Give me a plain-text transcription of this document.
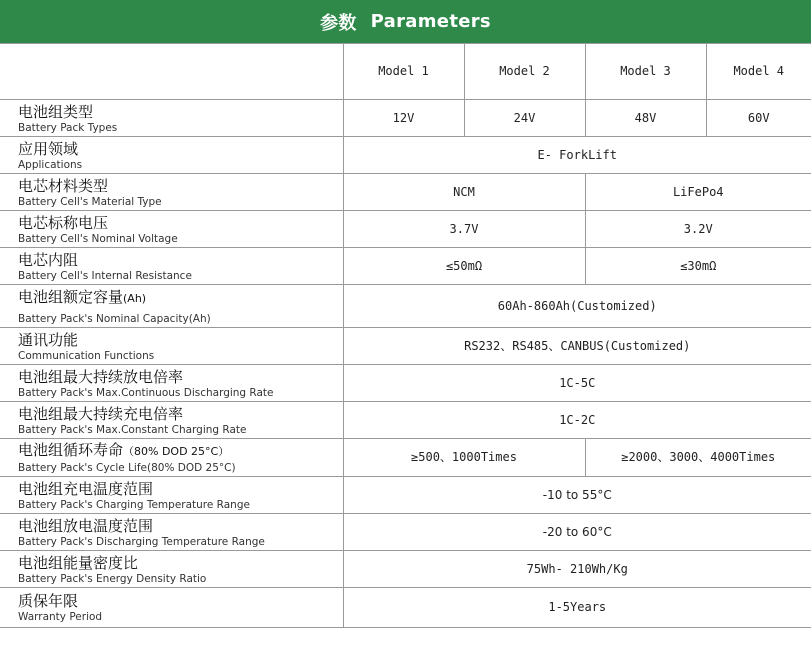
参数 Parameters
	Model 1	Model 2	Model 3	Model 4

电池组类型
Battery Pack Types	12V	24V	48V	60V

应用领域
Applications	E- ForkLift			

电芯材料类型
Battery Cell's Material Type	NCM		LiFePo4	

电芯标称电压
Battery Cell's Nominal Voltage	3.7V		3.2V	

电芯内阻
Battery Cell's Internal Resistance	≤50mΩ		≤30mΩ	

电池组额定容量(Ah)
Battery Pack's Nominal Capacity(Ah)	60Ah-860Ah(Customized)			

通讯功能
Communication Functions	RS232、RS485、CANBUS(Customized)			

电池组最大持续放电倍率
Battery Pack's Max.Continuous Discharging Rate	1C-5C			

电池组最大持续充电倍率
Battery Pack's Max.Constant Charging Rate	1C-2C			

电池组循环寿命（80% DOD 25°C）
Battery Pack's Cycle Life(80% DOD 25°C)	≥500、1000Times		≥2000、3000、4000Times	

电池组充电温度范围
Battery Pack's Charging Temperature Range	-10 to 55°C			

电池组放电温度范围
Battery Pack's Discharging Temperature Range	-20 to 60°C			

电池组能量密度比
Battery Pack's Energy Density Ratio	75Wh- 210Wh/Kg			

质保年限
Warranty Period	1-5Years			
